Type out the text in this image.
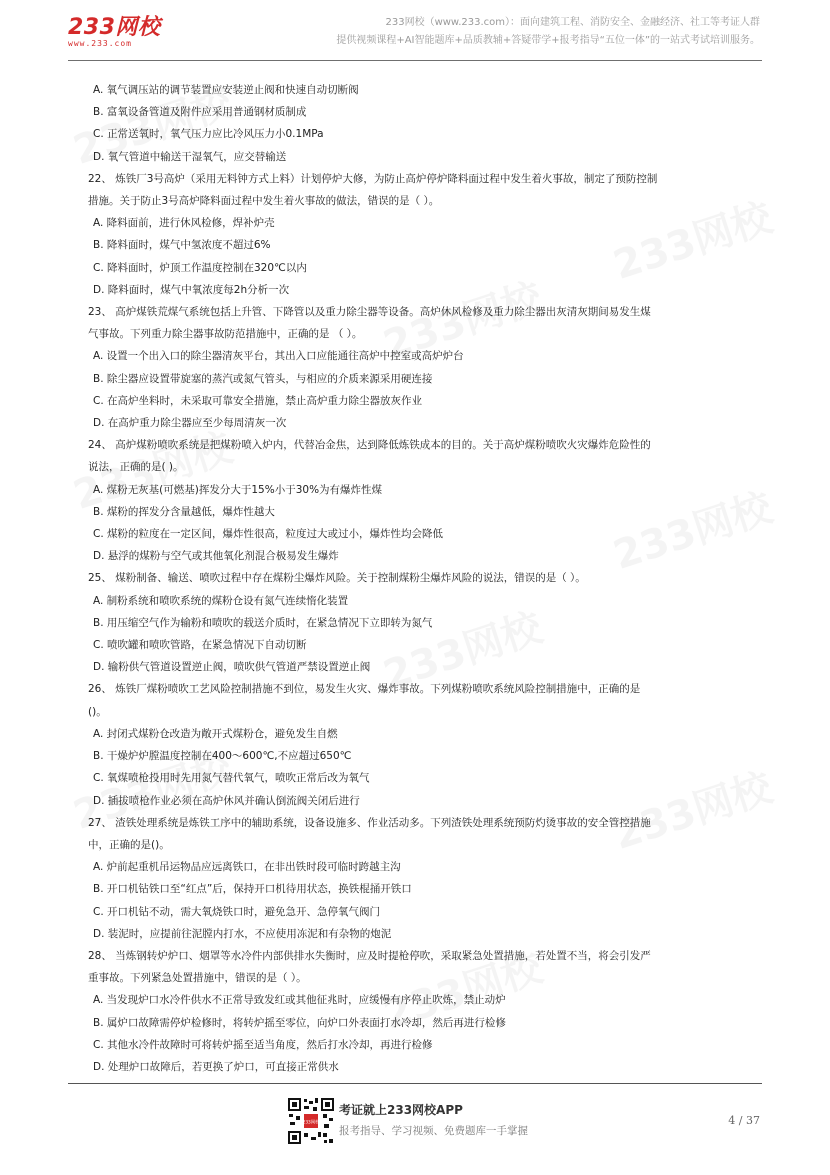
233网校
www.233.com
233网校（www.233.com）：面向建筑工程、消防安全、金融经济、社工等考证人群
提供视频课程+AI智能题库+品质教辅+答疑带学+报考指导“五位一体”的一站式考试培训服务。
A. 氧气调压站的调节装置应安装逆止阀和快速自动切断阀
B. 富氧设备管道及附件应采用普通钢材质制成
C. 正常送氧时，氧气压力应比冷风压力小0.1MPa
D. 氧气管道中输送干湿氧气，应交替输送
22、 炼铁厂3号高炉（采用无料钟方式上料）计划停炉大修，为防止高炉停炉降料面过程中发生着火事故，制定了预防控制
措施。关于防止3号高炉降料面过程中发生着火事故的做法，错误的是（ ）。
A. 降料面前，进行休风检修，焊补炉壳
B. 降料面时，煤气中氢浓度不超过6%
C. 降料面时，炉顶工作温度控制在320℃以内
D. 降料面时，煤气中氧浓度每2h分析一次
23、 高炉煤铁荒煤气系统包括上升管、下降管以及重力除尘器等设备。高炉休风检修及重力除尘器出灰清灰期间易发生煤
气事故。下列重力除尘器事故防范措施中，正确的是 （ ）。
A. 设置一个出入口的除尘器清灰平台，其出入口应能通往高炉中控室或高炉炉台
B. 除尘器应设置带旋塞的蒸汽或氮气管头，与相应的介质来源采用硬连接
C. 在高炉坐料时，未采取可靠安全措施，禁止高炉重力除尘器放灰作业
D. 在高炉重力除尘器应至少每周清灰一次
24、 高炉煤粉喷吹系统是把煤粉喷入炉内，代替冶金焦，达到降低炼铁成本的目的。关于高炉煤粉喷吹火灾爆炸危险性的
说法，正确的是( )。
A. 煤粉无灰基(可燃基)挥发分大于15%小于30%为有爆炸性煤
B. 煤粉的挥发分含量越低，爆炸性越大
C. 煤粉的粒度在一定区间，爆炸性很高，粒度过大或过小，爆炸性均会降低
D. 悬浮的煤粉与空气或其他氧化剂混合极易发生爆炸
25、 煤粉制备、输送、喷吹过程中存在煤粉尘爆炸风险。关于控制煤粉尘爆炸风险的说法，错误的是（ ）。
A. 制粉系统和喷吹系统的煤粉仓设有氮气连续惰化装置
B. 用压缩空气作为输粉和喷吹的载送介质时，在紧急情况下立即转为氮气
C. 喷吹罐和喷吹管路，在紧急情况下自动切断
D. 输粉供气管道设置逆止阀，喷吹供气管道严禁设置逆止阀
26、 炼铁厂煤粉喷吹工艺风险控制措施不到位，易发生火灾、爆炸事故。下列煤粉喷吹系统风险控制措施中，正确的是
()。
A. 封闭式煤粉仓改造为敞开式煤粉仓，避免发生自燃
B. 干燥炉炉膛温度控制在400～600℃,不应超过650℃
C. 氧煤喷枪投用时先用氮气替代氧气，喷吹正常后改为氧气
D. 插拔喷枪作业必须在高炉休风并确认倒流阀关闭后进行
27、 渣铁处理系统是炼铁工序中的辅助系统，设备设施多、作业活动多。下列渣铁处理系统预防灼烫事故的安全管控措施
中，正确的是()。
A. 炉前起重机吊运物品应远离铁口，在非出铁时段可临时跨越主沟
B. 开口机钻铁口至“红点”后，保持开口机待用状态，换铁棍捅开铁口
C. 开口机钻不动，需大氧烧铁口时，避免急开、急停氧气阀门
D. 装泥时，应提前往泥膛内打水，不应使用冻泥和有杂物的炮泥
28、 当炼钢转炉炉口、烟罩等水冷件内部供排水失衡时，应及时提枪停吹，采取紧急处置措施，若处置不当，将会引发严
重事故。下列紧急处置措施中，错误的是（ ）。
A. 当发现炉口水冷件供水不正常导致发红或其他征兆时，应缓慢有序停止吹炼，禁止动炉
B. 属炉口故障需停炉检修时，将转炉摇至零位，向炉口外表面打水冷却，然后再进行检修
C. 其他水冷件故障时可将转炉摇至适当角度，然后打水冷却，再进行检修
D. 处理炉口故障后，若更换了炉口，可直接正常供水
233网校
考证就上233网校APP
报考指导、学习视频、免费题库一手掌握
4 / 37
